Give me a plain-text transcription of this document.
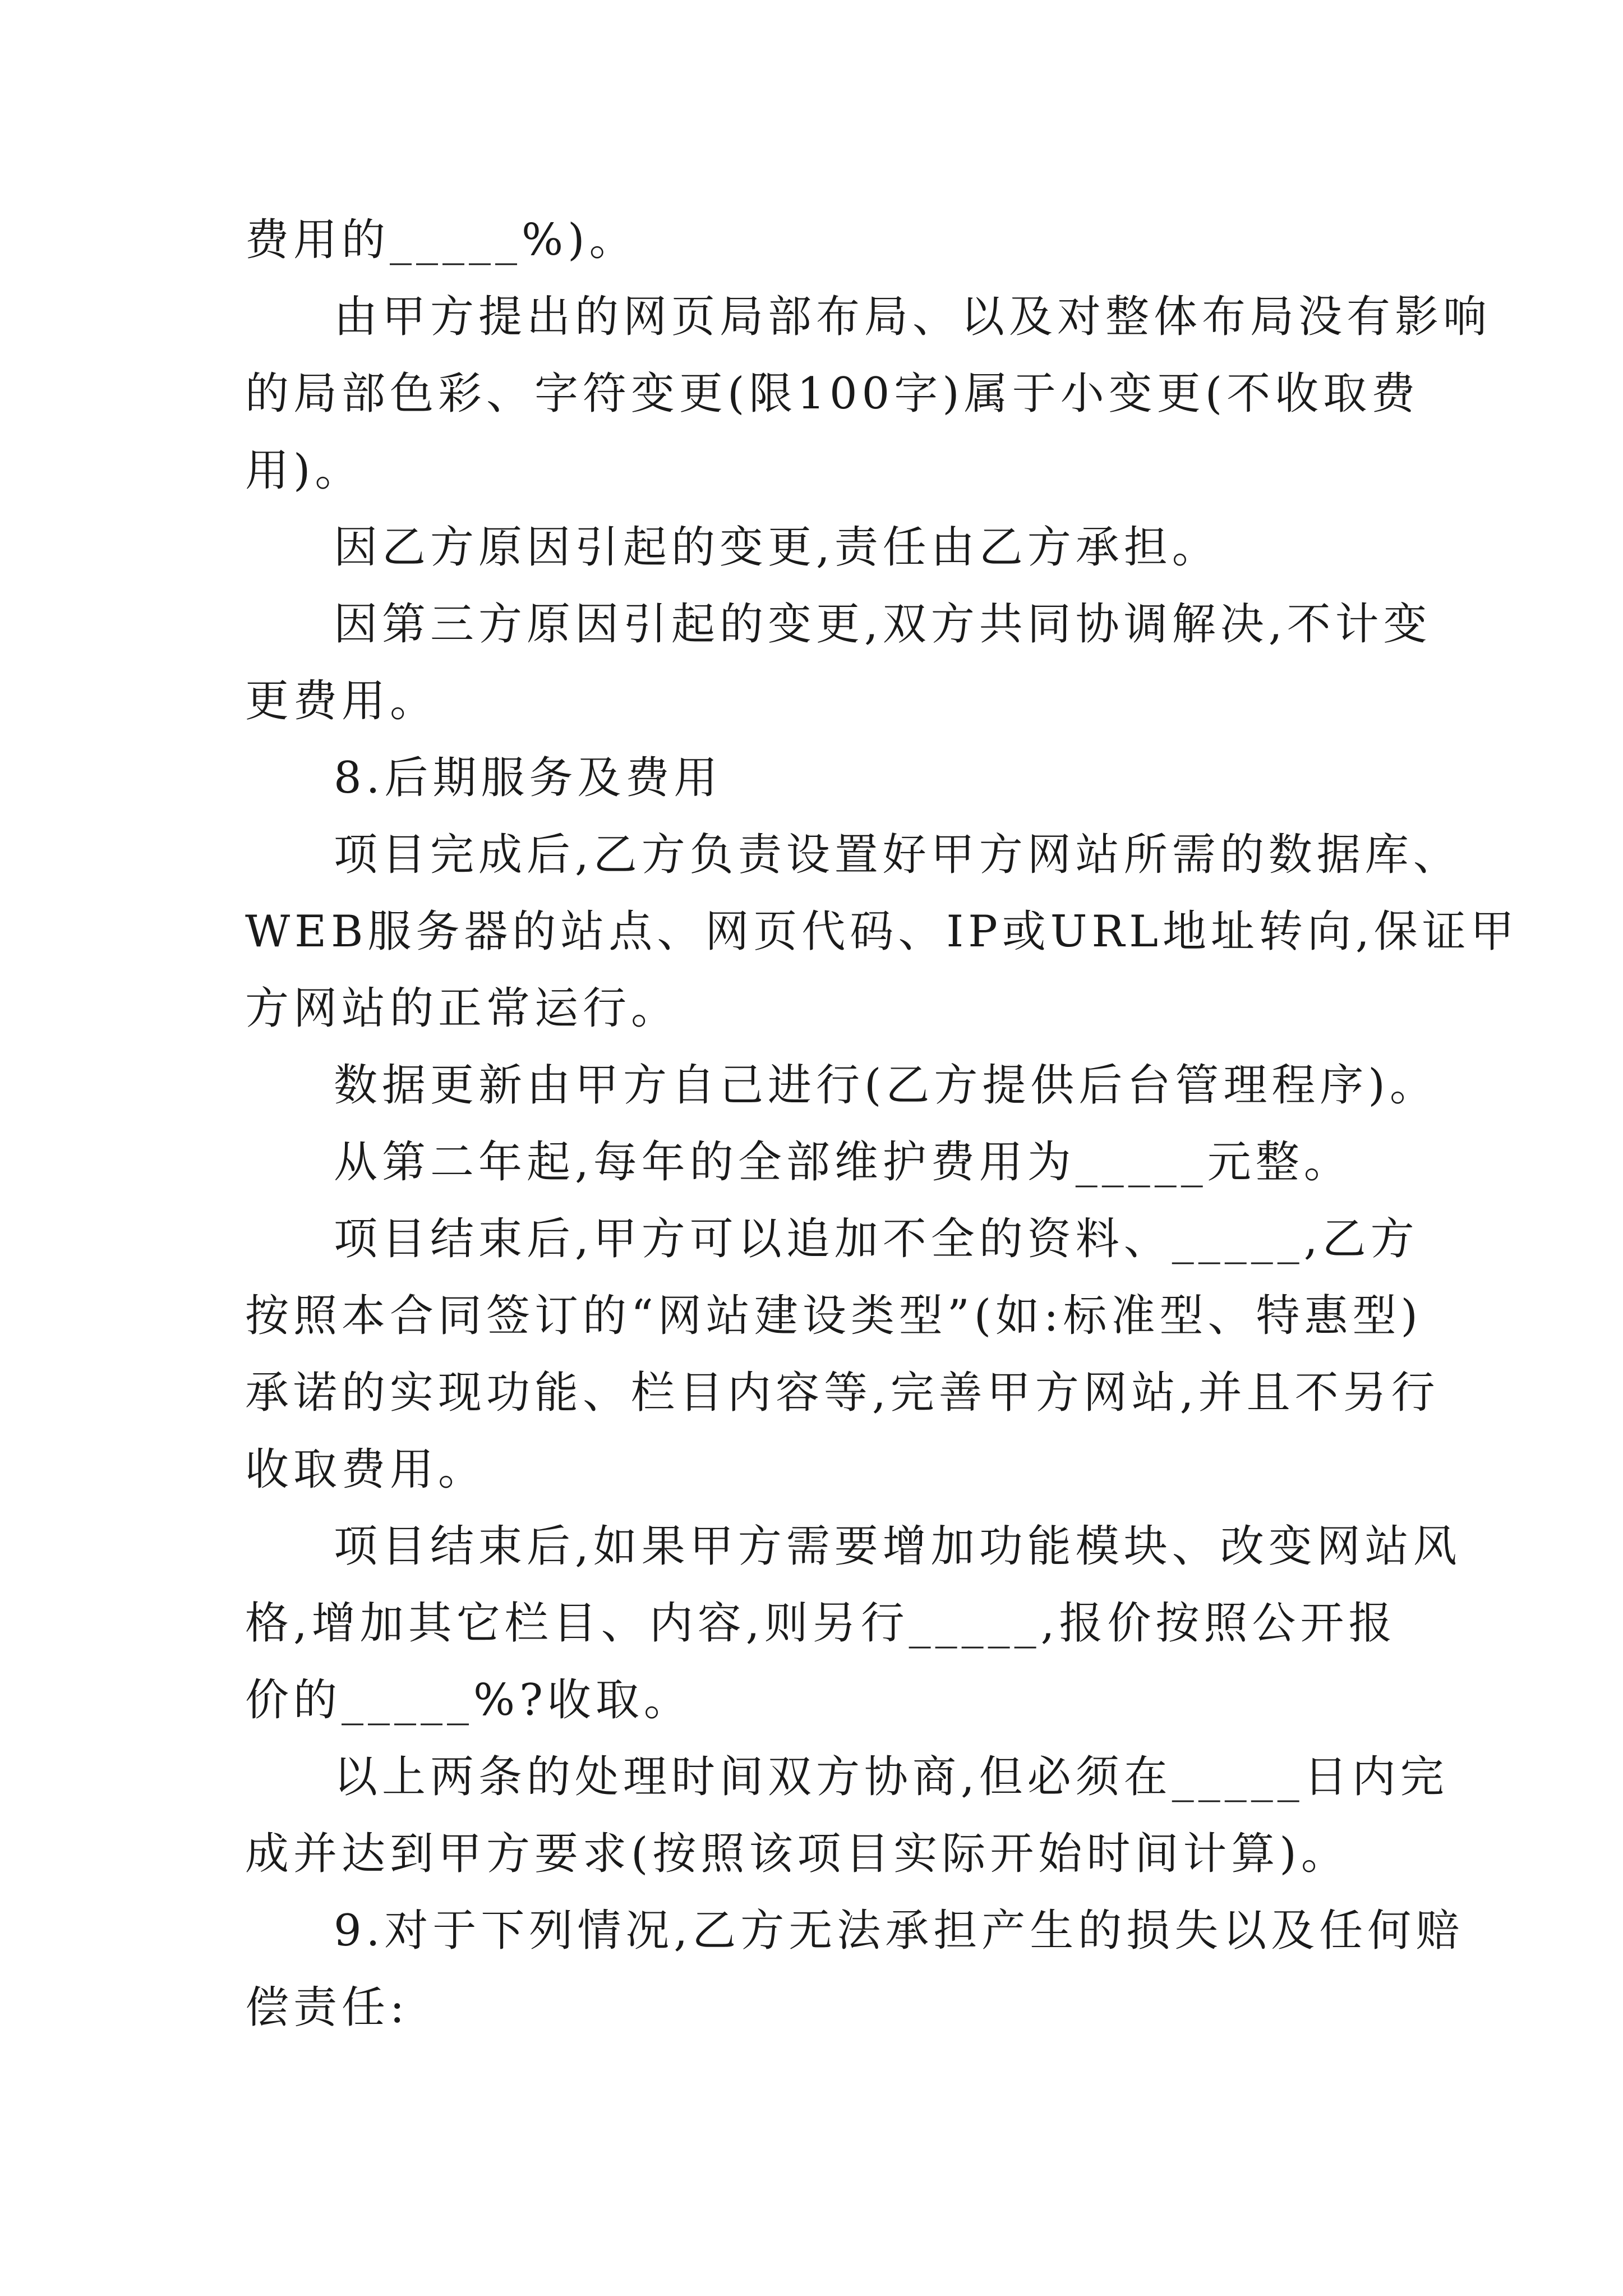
费用的_____%)。
由甲方提出的网页局部布局、以及对整体布局没有影响
的局部色彩、字符变更(限100字)属于小变更(不收取费
用)。
因乙方原因引起的变更,责任由乙方承担。
因第三方原因引起的变更,双方共同协调解决,不计变
更费用。
8.后期服务及费用
项目完成后,乙方负责设置好甲方网站所需的数据库、
WEB服务器的站点、网页代码、IP或URL地址转向,保证甲
方网站的正常运行。
数据更新由甲方自己进行(乙方提供后台管理程序)。
从第二年起,每年的全部维护费用为_____元整。
项目结束后,甲方可以追加不全的资料、_____,乙方
按照本合同签订的“网站建设类型”(如:标准型、特惠型)
承诺的实现功能、栏目内容等,完善甲方网站,并且不另行
收取费用。
项目结束后,如果甲方需要增加功能模块、改变网站风
格,增加其它栏目、内容,则另行_____,报价按照公开报
价的_____%?收取。
以上两条的处理时间双方协商,但必须在_____日内完
成并达到甲方要求(按照该项目实际开始时间计算)。
9.对于下列情况,乙方无法承担产生的损失以及任何赔
偿责任:
